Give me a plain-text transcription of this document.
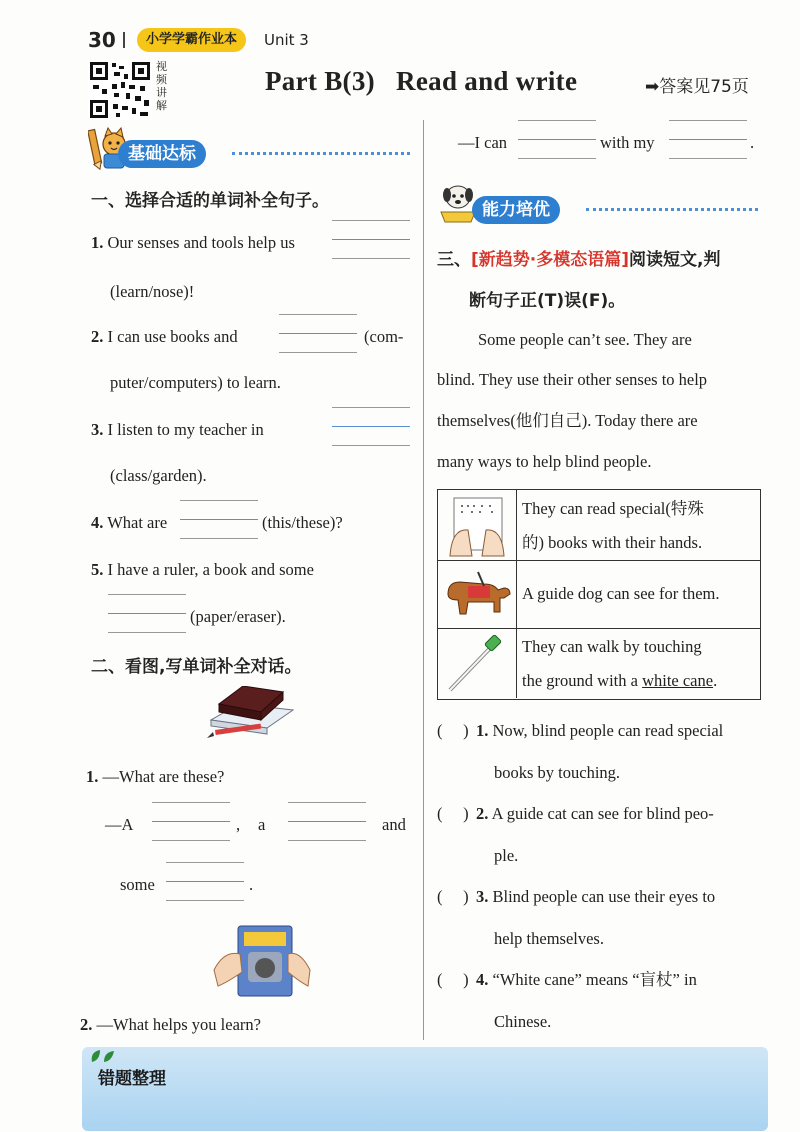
30	小学学霸作业本	Unit 3
视
频
讲
解
Part B(3)   Read and write	➡答案见75页
基础达标
一、选择合适的单词补全句子。
1. Our senses and tools help us
(learn/nose)!
2. I can use books and	(com-
puter/computers) to learn.
3. I listen to my teacher in
(class/garden).
4. What are	(this/these)?
5. I have a ruler, a book and some
(paper/eraser).
二、看图,写单词补全对话。
1. —What are these?
—A	, a	and
some	.
2. —What helps you learn?
—I can	with my	.
能力培优
三、[新趋势·多模态语篇]阅读短文,判
断句子正(T)误(F)。
Some people can’t see. They are
blind. They use their other senses to help
themselves(他们自己). Today there are
many ways to help blind people.
They can read special(特殊
的) books with their hands.
A guide dog can see for them.
They can walk by touching
the ground with a white cane.
(     ) 1. Now, blind people can read special
books by touching.
(     ) 2. A guide cat can see for blind peo-
ple.
(     ) 3. Blind people can use their eyes to
help themselves.
(     ) 4. “White cane” means “盲杖” in
Chinese.
错题整理
